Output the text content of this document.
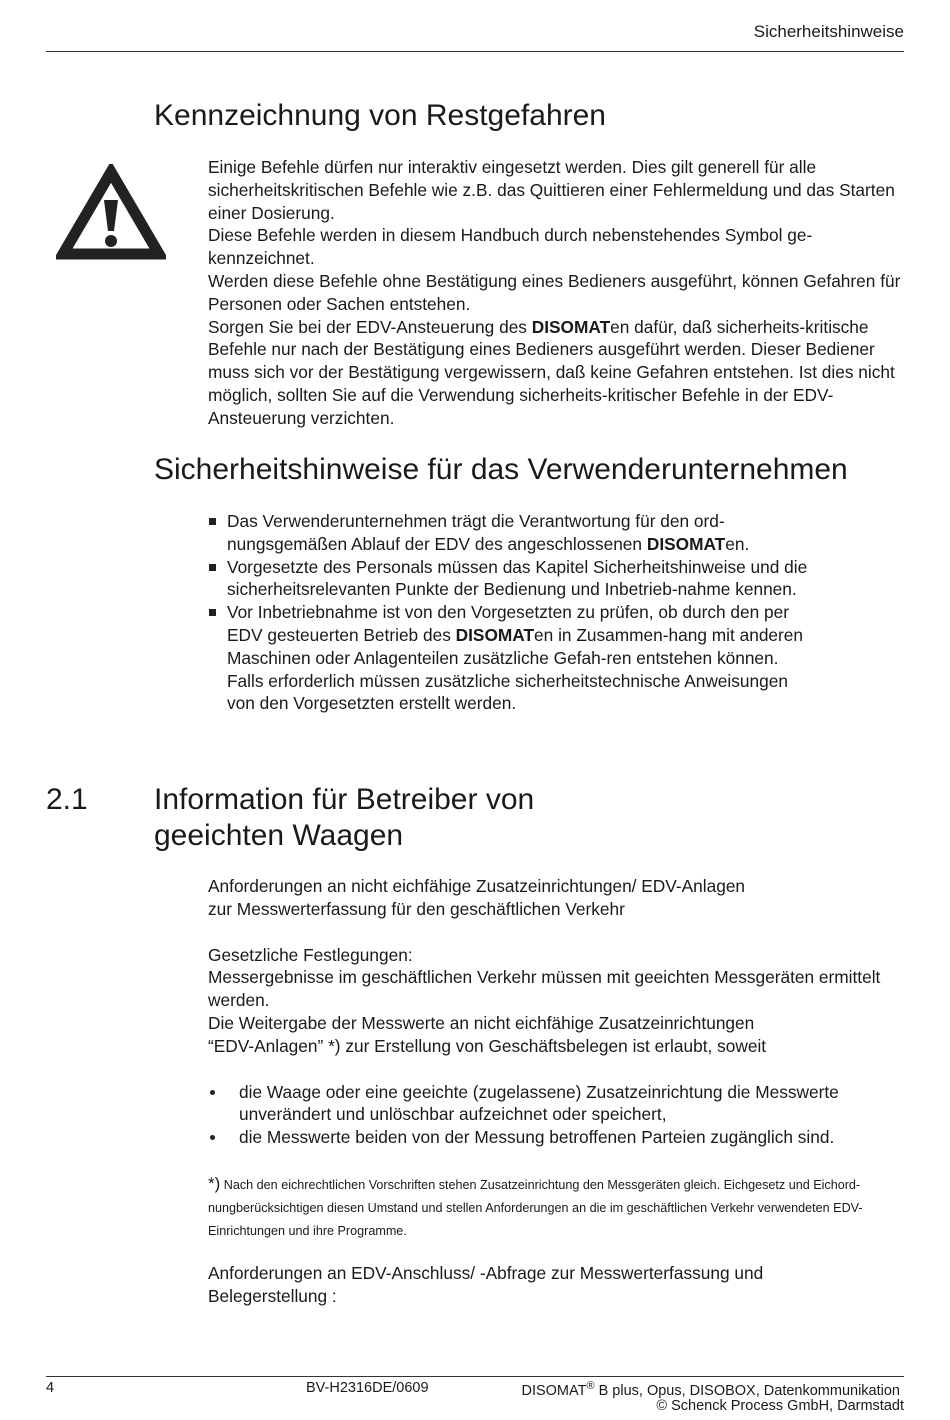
Sicherheitshinweise
Kennzeichnung von Restgefahren

Einige Befehle dürfen nur interaktiv eingesetzt werden. Dies gilt generell für alle sicherheitskritischen Befehle wie z.B. das Quittieren einer Fehlermeldung und das Starten einer Dosierung.

Diese Befehle werden in diesem Handbuch durch nebenstehendes Symbol ge-kennzeichnet.

Werden diese Befehle ohne Bestätigung eines Bedieners ausgeführt, können Gefahren für Personen oder Sachen entstehen.

Sorgen Sie bei der EDV-Ansteuerung des DISOMATen dafür, daß sicherheits-kritische Befehle nur nach der Bestätigung eines Bedieners ausgeführt werden. Dieser Bediener muss sich vor der Bestätigung vergewissern, daß keine Gefahren entstehen. Ist dies nicht möglich, sollten Sie auf die Verwendung sicherheits-kritischer Befehle in der EDV-Ansteuerung verzichten.

Sicherheitshinweise für das Verwenderunternehmen
Das Verwenderunternehmen trägt die Verantwortung für den ord-nungsgemäßen Ablauf der EDV des angeschlossenen DISOMATen.
Vorgesetzte des Personals müssen das Kapitel Sicherheitshinweise und die sicherheitsrelevanten Punkte der Bedienung und Inbetrieb-nahme kennen.
Vor Inbetriebnahme ist von den Vorgesetzten zu prüfen, ob durch den per EDV gesteuerten Betrieb des DISOMATen in Zusammen-hang mit anderen Maschinen oder Anlagenteilen zusätzliche Gefah-ren entstehen können. Falls erforderlich müssen zusätzliche sicherheitstechnische Anweisungen von den Vorgesetzten erstellt werden.
2.1 Information für Betreiber von
geeichten Waagen

Anforderungen an nicht eichfähige Zusatzeinrichtungen/ EDV-Anlagen
zur Messwerterfassung für den geschäftlichen Verkehr

Gesetzliche Festlegungen:

Messergebnisse im geschäftlichen Verkehr müssen mit geeichten Messgeräten ermittelt werden.

Die Weitergabe der Messwerte an nicht eichfähige Zusatzeinrichtungen
“EDV-Anlagen” *) zur Erstellung von Geschäftsbelegen ist erlaubt, soweit

die Waage oder eine geeichte (zugelassene) Zusatzeinrichtung die Messwerte unverändert und unlöschbar aufzeichnet oder speichert,
die Messwerte beiden von der Messung betroffenen Parteien zugänglich sind.
*) Nach den eichrechtlichen Vorschriften stehen Zusatzeinrichtung den Messgeräten gleich. Eichgesetz und Eichord- nungberücksichtigen diesen Umstand und stellen Anforderungen an die im geschäftlichen Verkehr verwendeten EDV-Einrichtungen und ihre Programme.

Anforderungen an EDV-Anschluss/ -Abfrage zur Messwerterfassung und
Belegerstellung :

4	BV-H2316DE/0609	DISOMAT® B plus, Opus, DISOBOX, Datenkommunikation
© Schenck Process GmbH, Darmstadt
